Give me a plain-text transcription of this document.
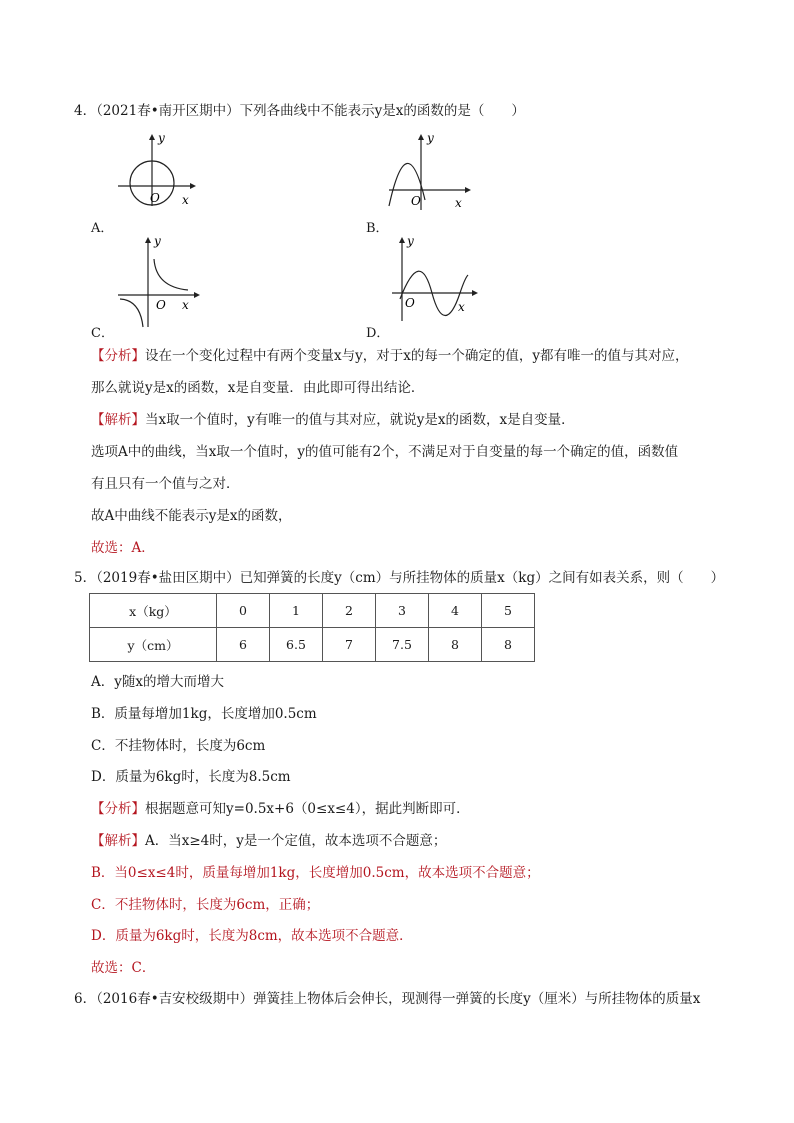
4．（2021春•南开区期中）下列各曲线中不能表示y是x的函数的是（　　）
y
x
O
A．
y
x
O
B．
y
x
O
C．
y
x
O
D．
【分析】设在一个变化过程中有两个变量x与y，对于x的每一个确定的值，y都有唯一的值与其对应，
那么就说y是x的函数，x是自变量．由此即可得出结论．
【解析】当x取一个值时，y有唯一的值与其对应，就说y是x的函数，x是自变量．
选项A中的曲线，当x取一个值时，y的值可能有2个，不满足对于自变量的每一个确定的值，函数值
有且只有一个值与之对．
故A中曲线不能表示y是x的函数，
故选：A．
5．（2019春•盐田区期中）已知弹簧的长度y（cm）与所挂物体的质量x（kg）之间有如表关系，则（　　）
x（kg）	0	1	2	3	4	5
y（cm）	6	6.5	7	7.5	8	8
A．y随x的增大而增大
B．质量每增加1kg，长度增加0.5cm
C．不挂物体时，长度为6cm
D．质量为6kg时，长度为8.5cm
【分析】根据题意可知y=0.5x+6（0≤x≤4），据此判断即可．
【解析】A．当x≥4时，y是一个定值，故本选项不合题意；
B．当0≤x≤4时，质量每增加1kg，长度增加0.5cm，故本选项不合题意；
C．不挂物体时，长度为6cm，正确；
D．质量为6kg时，长度为8cm，故本选项不合题意．
故选：C．
6．（2016春•吉安校级期中）弹簧挂上物体后会伸长，现测得一弹簧的长度y（厘米）与所挂物体的质量x
